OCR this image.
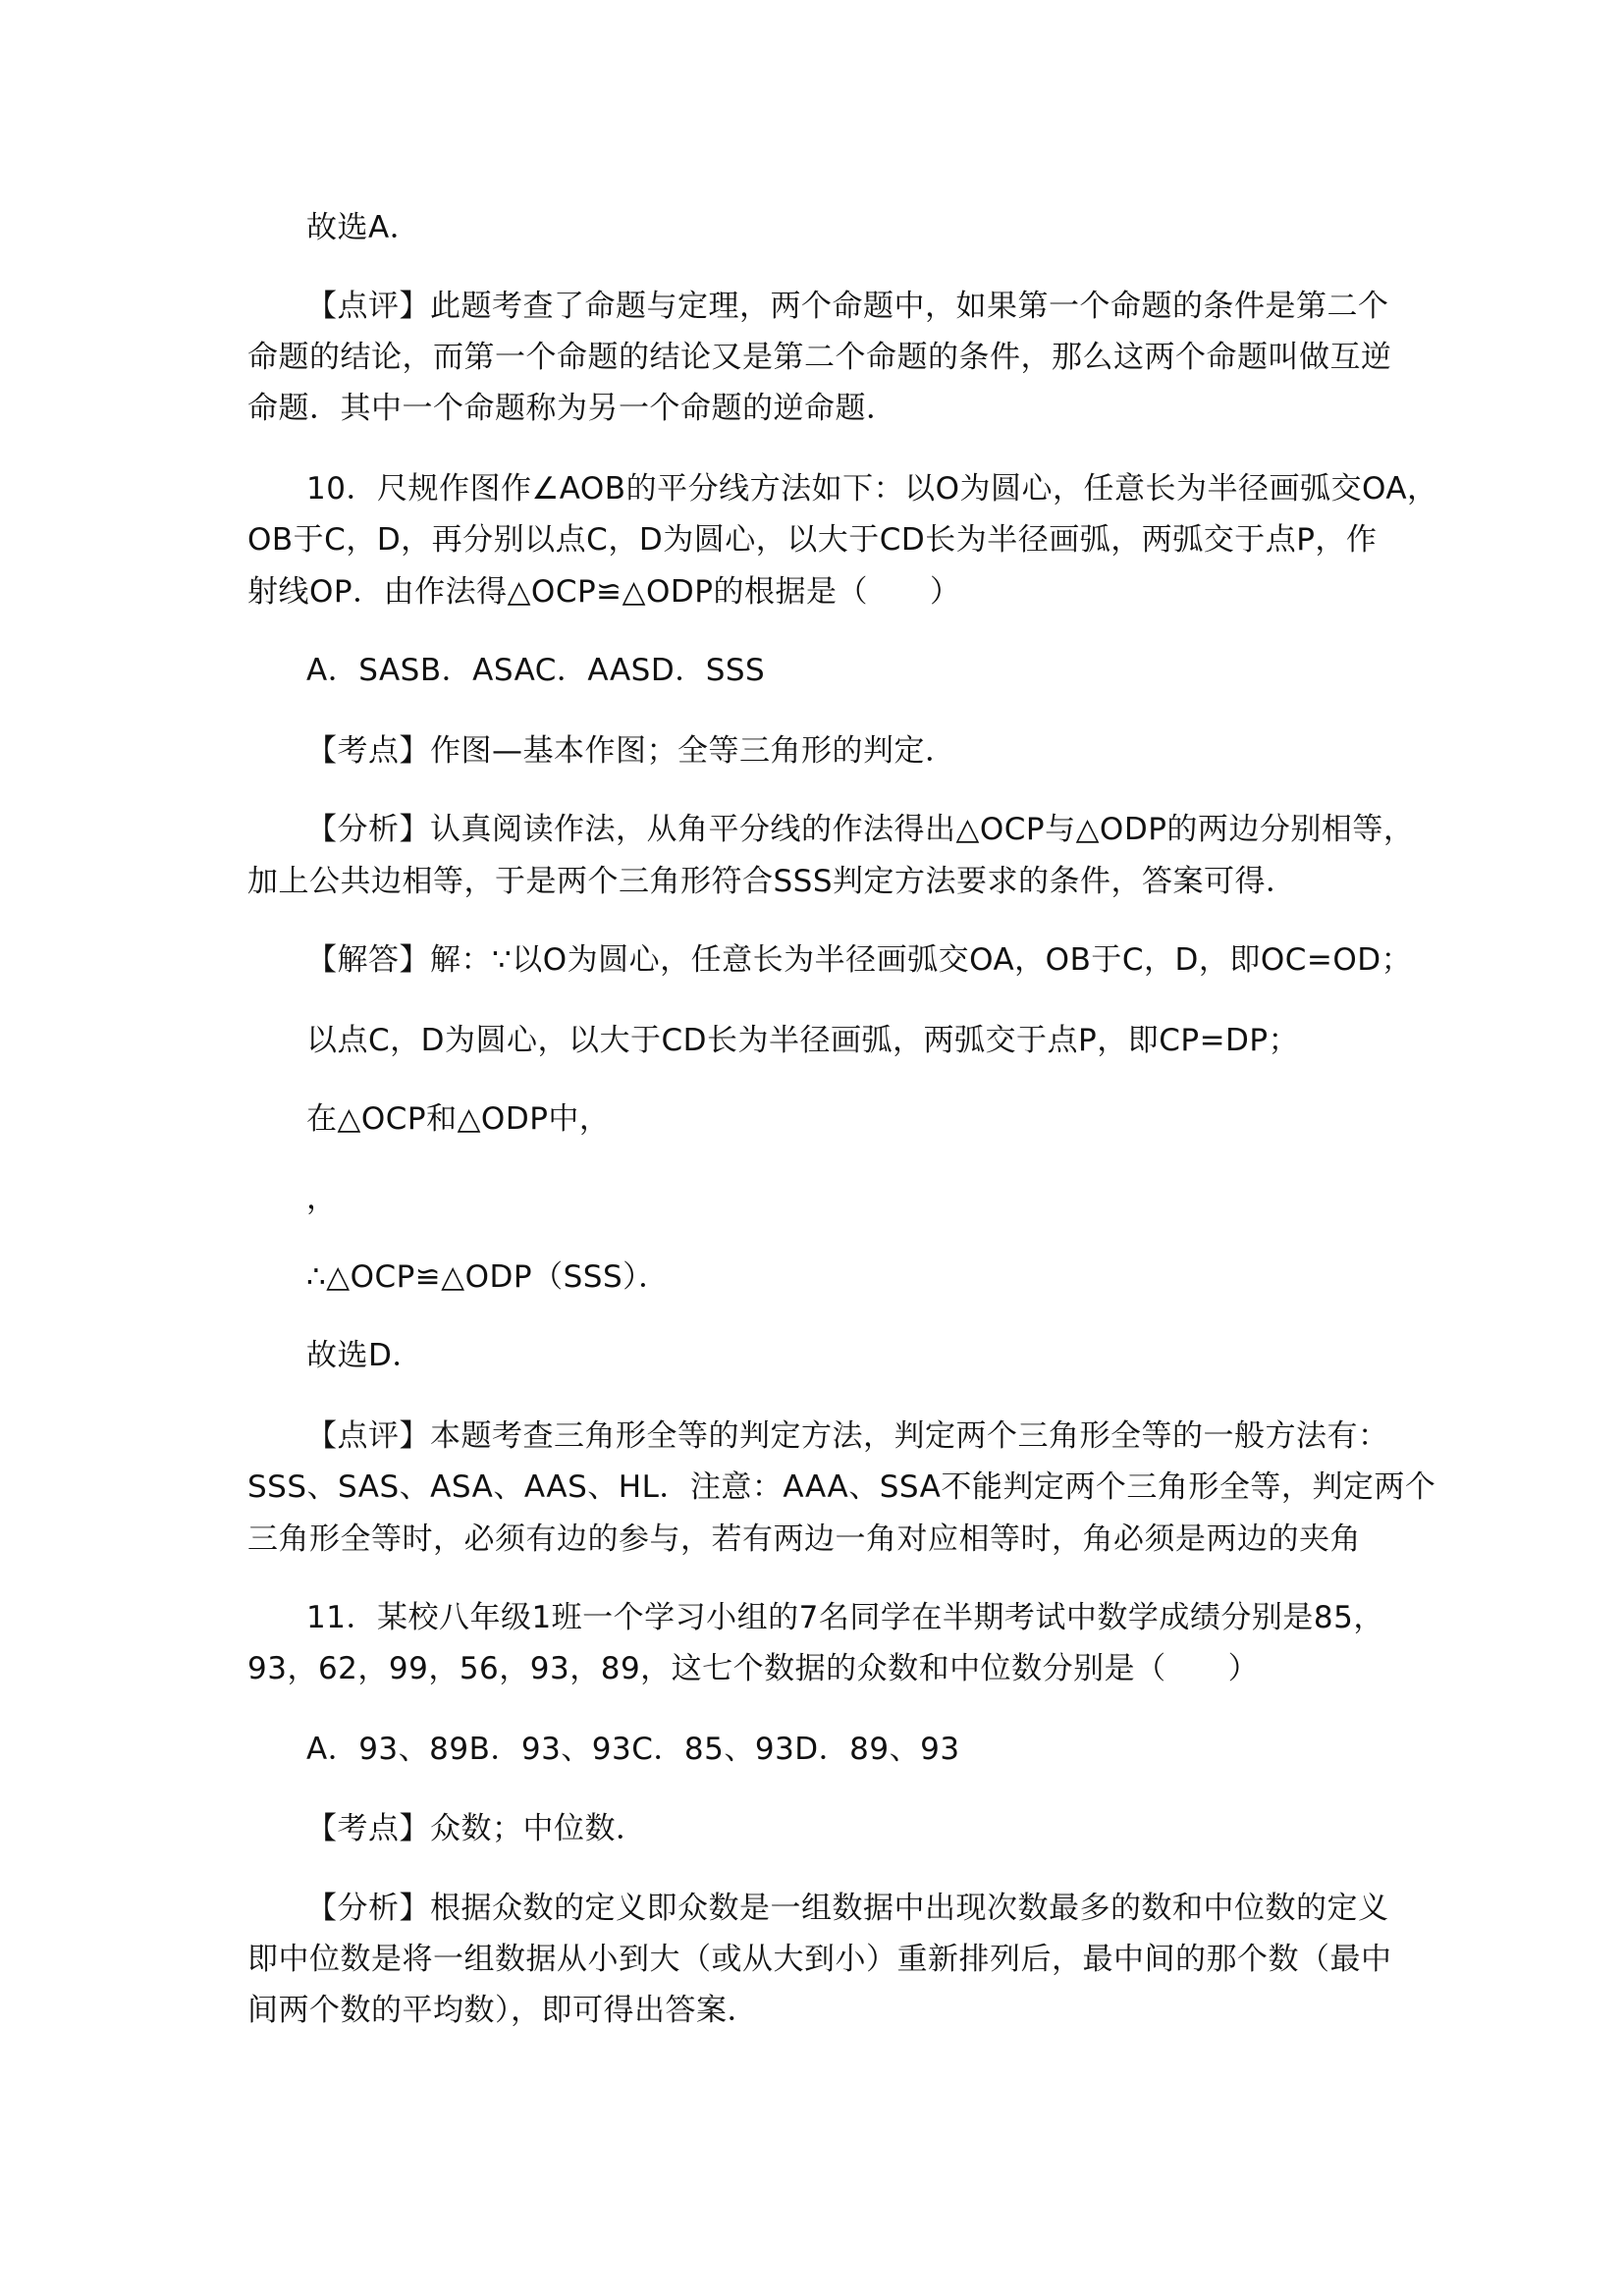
故选A．

【点评】此题考查了命题与定理，两个命题中，如果第一个命题的条件是第二个

命题的结论，而第一个命题的结论又是第二个命题的条件，那么这两个命题叫做互逆

命题．其中一个命题称为另一个命题的逆命题．

10．尺规作图作∠AOB的平分线方法如下：以O为圆心，任意长为半径画弧交OA，

OB于C，D，再分别以点C，D为圆心，以大于CD长为半径画弧，两弧交于点P，作

射线OP．由作法得△OCP≌△ODP的根据是（　　）

A．SASB．ASAC．AASD．SSS

【考点】作图—基本作图；全等三角形的判定．

【分析】认真阅读作法，从角平分线的作法得出△OCP与△ODP的两边分别相等，

加上公共边相等，于是两个三角形符合SSS判定方法要求的条件，答案可得．

【解答】解：∵以O为圆心，任意长为半径画弧交OA，OB于C，D，即OC=OD；

以点C，D为圆心，以大于CD长为半径画弧，两弧交于点P，即CP=DP；

在△OCP和△ODP中，

，

∴△OCP≌△ODP（SSS）．

故选D．

【点评】本题考查三角形全等的判定方法，判定两个三角形全等的一般方法有：

SSS、SAS、ASA、AAS、HL．注意：AAA、SSA不能判定两个三角形全等，判定两个

三角形全等时，必须有边的参与，若有两边一角对应相等时，角必须是两边的夹角

11．某校八年级1班一个学习小组的7名同学在半期考试中数学成绩分别是85，

93，62，99，56，93，89，这七个数据的众数和中位数分别是（　　）

A．93、89B．93、93C．85、93D．89、93

【考点】众数；中位数．

【分析】根据众数的定义即众数是一组数据中出现次数最多的数和中位数的定义

即中位数是将一组数据从小到大（或从大到小）重新排列后，最中间的那个数（最中

间两个数的平均数），即可得出答案．
